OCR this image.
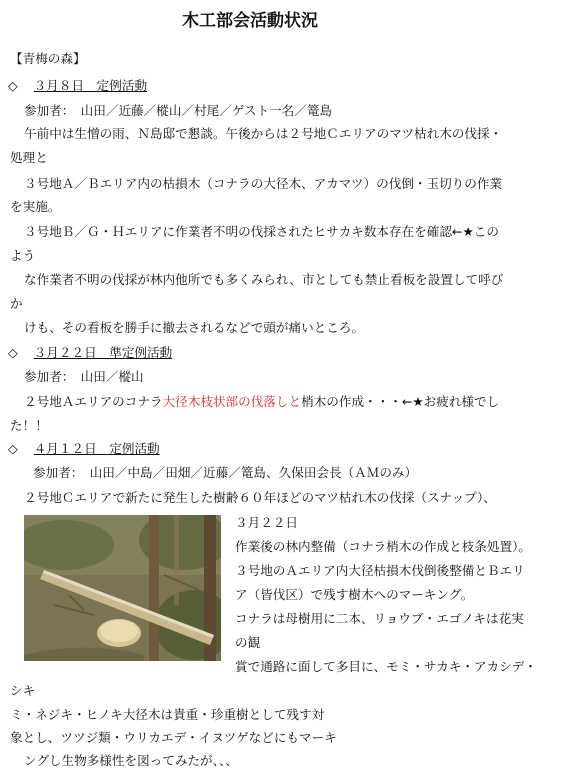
木工部会活動状況
【青梅の森】
◇ ３月８日　定例活動
参加者：　山田／近藤／樅山／村尾／ゲスト一名／篭島
午前中は生憎の雨、Ｎ島邸で懇談。午後からは２号地Ｃエリアのマツ枯れ木の伐採・
処理と
３号地Ａ／Ｂエリア内の枯損木（コナラの大径木、アカマツ）の伐倒・玉切りの作業
を実施。
３号地Ｂ／Ｇ・Ｈエリアに作業者不明の伐採されたヒサカキ数本存在を確認←★この
よう
な作業者不明の伐採が林内他所でも多くみられ、市としても禁止看板を設置して呼び
か
けも、その看板を勝手に撤去されるなどで頭が痛いところ。
◇ ３月２２日　準定例活動
参加者：　山田／樅山
２号地Ａエリアのコナラ大径木枝状部の伐落しと梢木の作成・・・←★お疲れ様でし
た！！
◇ ４月１２日　定例活動
参加者：　山田／中島／田畑／近藤／篭島、久保田会長（ＡＭのみ）
２号地Ｃエリアで新たに発生した樹齢６０年ほどのマツ枯れ木の伐採（スナップ）、
３月２２日
作業後の林内整備（コナラ梢木の作成と枝条処置）。
３号地のＡエリア内大径枯損木伐倒後整備とＢエリ
ア（皆伐区）で残す樹木へのマーキング。
コナラは母樹用に二本、リョウブ・エゴノキは花実
の観
賞で通路に面して多目に、モミ・サカキ・アカシデ・
シキ
ミ・ネジキ・ヒノキ大径木は貴重・珍重樹として残す対
象とし、ツツジ類・ウリカエデ・イヌツゲなどにもマーキ
ングし生物多様性を図ってみたが、、、
